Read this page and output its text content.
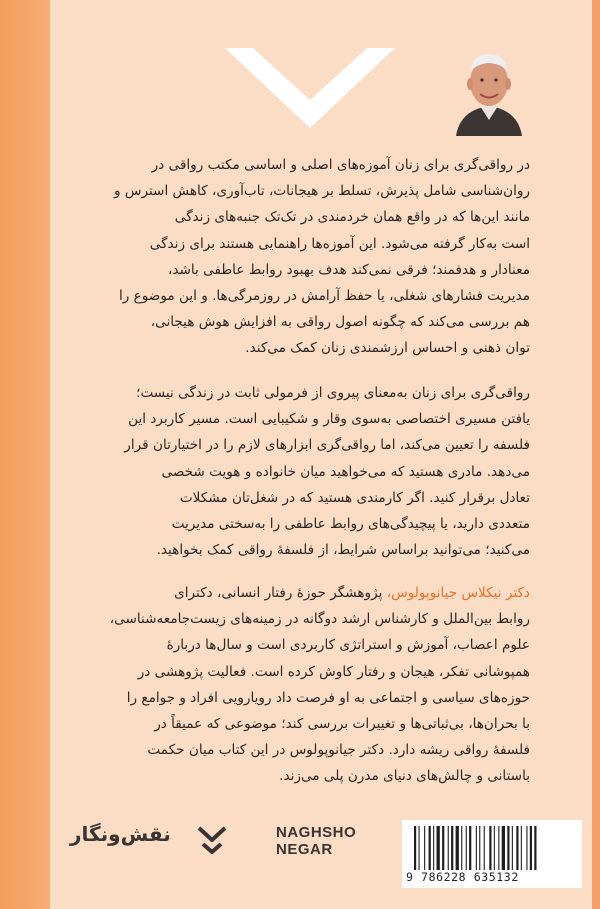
در رواقی‌گری برای زنان آموزه‌های اصلی و اساسی مکتب رواقی در

روان‌شناسی شامل پذیرش، تسلط بر هیجانات، تاب‌آوری، کاهش استرس و

مانند این‌ها که در واقع همان خردمندی در تک‌تک جنبه‌های زندگی

است به‌کار گرفته می‌شود. این آموزه‌ها راهنمایی هستند برای زندگی

معنادار و هدفمند؛ فرقی نمی‌کند هدف بهبود روابط عاطفی باشد،

مدیریت فشارهای شغلی، یا حفظ آرامش در روزمرگی‌ها. و این موضوع را

هم بررسی می‌کند که چگونه اصول رواقی به افزایش هوش هیجانی،

توان ذهنی و احساس ارزشمندی زنان کمک می‌کند.

رواقی‌گری برای زنان به‌معنای پیروی از فرمولی ثابت در زندگی نیست؛

یافتن مسیری اختصاصی به‌سوی وقار و شکیبایی است. مسیر کاربرد این

فلسفه را تعیین می‌کند، اما رواقی‌گری ابزارهای لازم را در اختیارتان قرار

می‌دهد. مادری هستید که می‌خواهید میان خانواده و هویت شخصی

تعادل برقرار کنید. اگر کارمندی هستید که در شغل‌تان مشکلات

متعددی دارید، یا پیچیدگی‌های روابط عاطفی را به‌سختی مدیریت

می‌کنید؛ می‌توانید براساس شرایط، از فلسفهٔ رواقی کمک بخواهید.

دکتر نیکلاس جیانوپولوس، پژوهشگر حوزهٔ رفتار انسانی، دکترای

روابط بین‌الملل و کارشناس ارشد دوگانه در زمینه‌های زیست‌جامعه‌شناسی،

علوم اعصاب، آموزش و استراتژی کاربردی است و سال‌ها دربارهٔ

همپوشانی تفکر، هیجان و رفتار کاوش کرده است. فعالیت پژوهشی در

حوزه‌های سیاسی و اجتماعی به او فرصت داد رویارویی افراد و جوامع را

با بحران‌ها، بی‌ثباتی‌ها و تغییرات بررسی کند؛ موضوعی که عمیقاً در

فلسفهٔ رواقی ریشه دارد. دکتر جیانوپولوس در این کتاب میان حکمت

باستانی و چالش‌های دنیای مدرن پلی می‌زند.

نقش‌ونگار	NAGHSHO
NEGAR
9 786228 635132
